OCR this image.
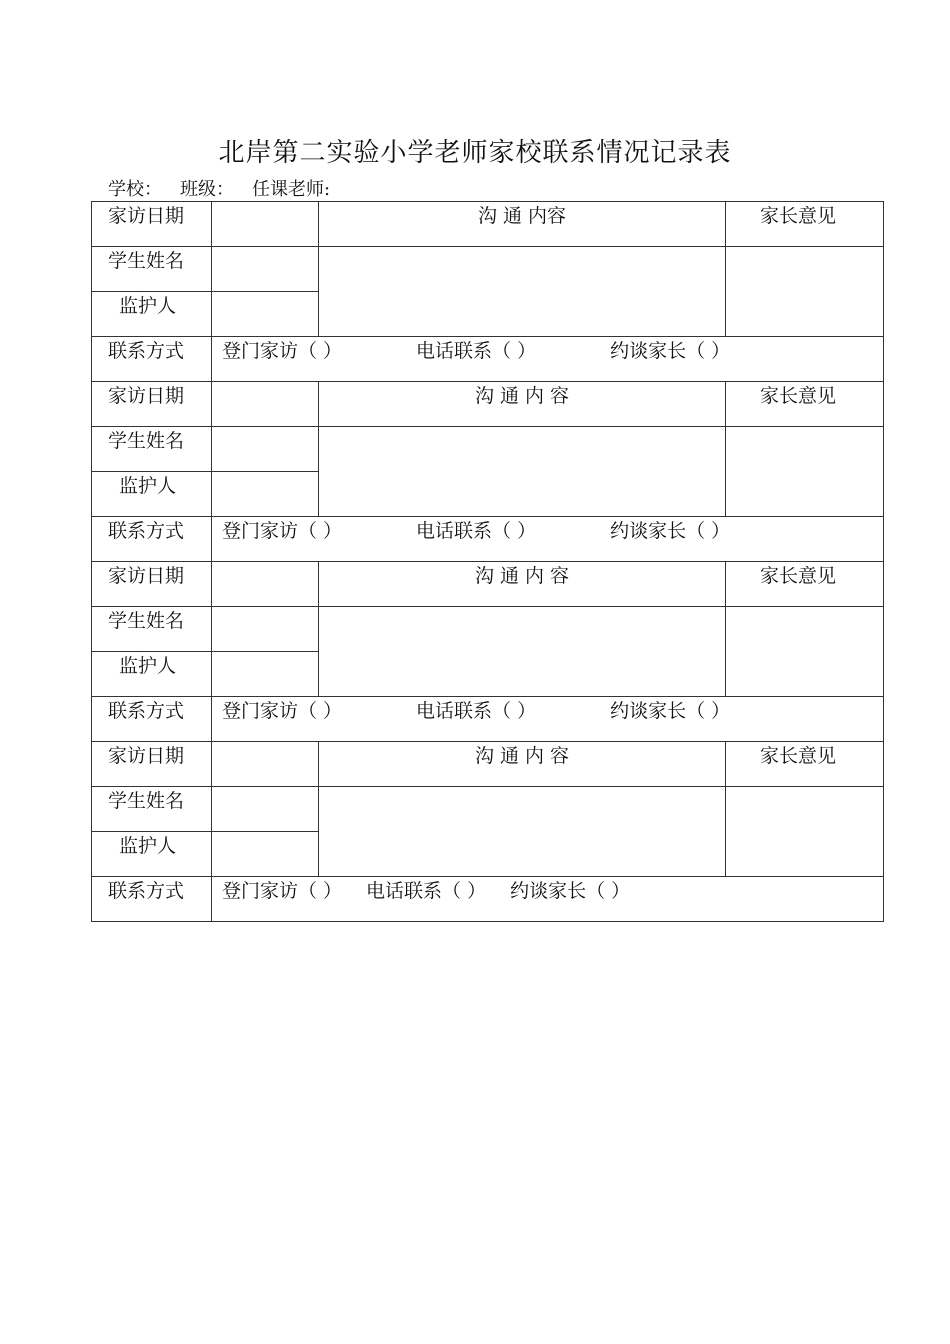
北岸第二实验小学老师家校联系情况记录表
学校： 班级： 任课老师:
家访日期		沟 通 内容	家长意见
学生姓名			
监护人			
联系方式	登门家访（ ） 电话联系（ ） 约谈家长（ ）		
家访日期		沟 通 内 容	家长意见
学生姓名			
监护人			
联系方式	登门家访（ ） 电话联系（ ） 约谈家长（ ）		
家访日期		沟 通 内 容	家长意见
学生姓名			
监护人			
联系方式	登门家访（ ） 电话联系（ ） 约谈家长（ ）		
家访日期		沟 通 内 容	家长意见
学生姓名			
监护人			
联系方式	登门家访（ ） 电话联系（ ） 约谈家长（ ）		
